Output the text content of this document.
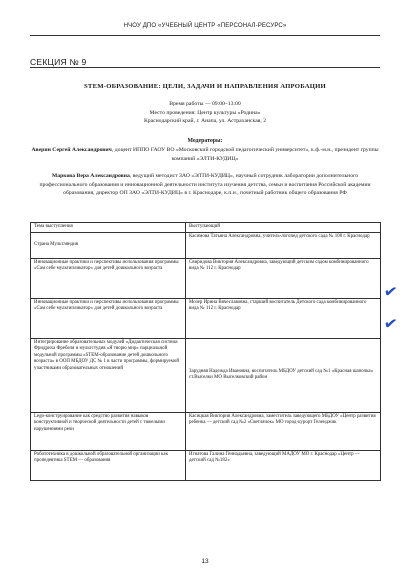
НЧОУ ДПО «УЧЕБНЫЙ ЦЕНТР «ПЕРСОНАЛ-РЕСУРС»
СЕКЦИЯ № 9
STEM-ОБРАЗОВАНИЕ: ЦЕЛИ, ЗАДАЧИ И НАПРАВЛЕНИЯ АПРОБАЦИИ
Время работы — 09:00–13:00
Место проведения: Центр культуры «Родина»
Краснодарский край, г. Анапа, ул. Астраханская, 2
Модераторы:
Аверин Сергей Александрович, доцент ИППО ГАОУ ВО «Московский городской педагогический университет», к.ф.-м.н., президент группы компаний «ЭЛТИ-КУДИЦ»
Маркова Вера Александровна, ведущий методист ЗАО «ЭЛТИ-КУДИЦ», научный сотрудник лаборатории дополнительного профессионального образования и инновационной деятельности института изучения детства, семьи и воспитания Российской академии образования, директор ОП ЗАО «ЭЛТИ-КУДИЦ» в г. Краснодаре, к.п.н., почетный работник общего образования РФ
Тема выступления	Выступающий
Страна Мультляндия	Касимова Татьяна Александровна, учитель-логопед детского сада № 108 г. Краснодар
Инновационные практики и перспективы использования программы «Сам себе мультипликатор» для детей дошкольного возраста	Свиридова Виктория Александровна, заведующий детским садом комбинированного вида № 112 г. Краснодар
Инновационные практики и перспективы использования программы «Сам себе мультипликатор» для детей дошкольного возраста	Мозер Ирина Вячеславовна, старший воспитатель Детского сада комбинированного вида № 112 г. Краснодар
Интегрирование образовательных модулей «Дидактическая система Фридриха Фребеля и мультстудия «Я творю мир» парциальной модульной программы «STEM-образование детей дошкольного возраста» в ООП МБДОУ ДС № 1 в части программы, формируемой участниками образовательных отношений	Зарудняя Надежда Ивановна, воспитатель МБДОУ детский сад №1 «Красная шапочка» ст.Выселки МО Выселковский район
Lego-конструирование как средство развития навыков конструктивной и творческой деятельности детей с тяжелыми нарушениями речи	Касицкая Виктория Александровна, заместитель заведующего МБДОУ «Центр развития ребенка — детский сад №2 «Светлячок» МО город-курорт Геленджик
Робототехника в дошкольной образовательной организации как пропедевтика STEM — образования	Игнатова Галина Геннадьевна, заведующий МАДОУ МО г. Краснодар «Центр — детский сад №182»
✔
✔
13
